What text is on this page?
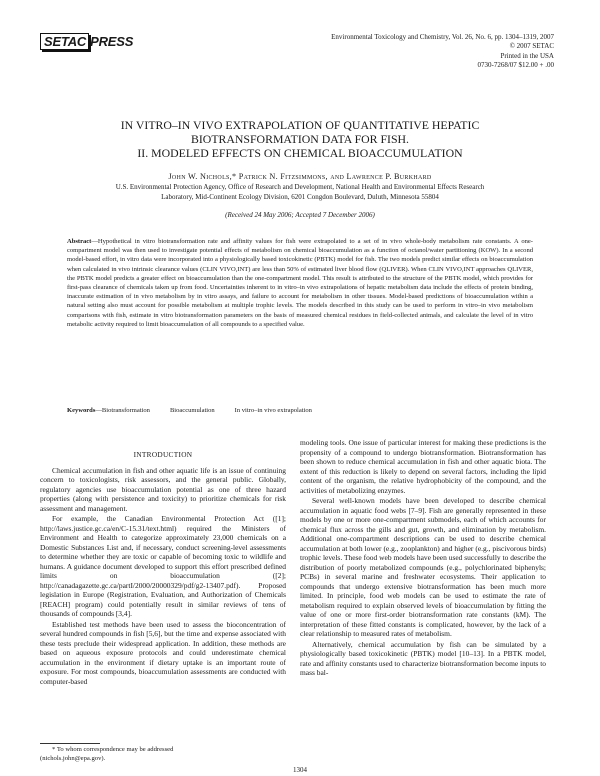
SETAC PRESS	Environmental Toxicology and Chemistry, Vol. 26, No. 6, pp. 1304–1319, 2007
© 2007 SETAC
Printed in the USA
0730-7268/07 $12.00 + .00
IN VITRO–IN VIVO EXTRAPOLATION OF QUANTITATIVE HEPATIC
BIOTRANSFORMATION DATA FOR FISH.
II. MODELED EFFECTS ON CHEMICAL BIOACCUMULATION
John W. Nichols,* Patrick N. Fitzsimmons, and Lawrence P. Burkhard
U.S. Environmental Protection Agency, Office of Research and Development, National Health and Environmental Effects Research
Laboratory, Mid-Continent Ecology Division, 6201 Congdon Boulevard, Duluth, Minnesota 55804
(Received 24 May 2006; Accepted 7 December 2006)
Abstract—Hypothetical in vitro biotransformation rate and affinity values for fish were extrapolated to a set of in vivo whole-body metabolism rate constants. A one-compartment model was then used to investigate potential effects of metabolism on chemical bioaccumulation as a function of octanol/water partitioning (KOW). In a second model-based effort, in vitro data were incorporated into a physiologically based toxicokinetic (PBTK) model for fish. The two models predict similar effects on bioaccumulation when calculated in vivo intrinsic clearance values (CLIN VIVO,INT) are less than 50% of estimated liver blood flow (QLIVER). When CLIN VIVO,INT approaches QLIVER, the PBTK model predicts a greater effect on bioaccumulation than the one-compartment model. This result is attributed to the structure of the PBTK model, which provides for first-pass clearance of chemicals taken up from food. Uncertainties inherent to in vitro–in vivo extrapolations of hepatic metabolism data include the effects of protein binding, inaccurate estimation of in vivo metabolism by in vitro assays, and failure to account for metabolism in other tissues. Model-based predictions of bioaccumulation within a natural setting also must account for possible metabolism at multiple trophic levels. The models described in this study can be used to perform in vitro–in vivo metabolism comparisons with fish, estimate in vitro biotransformation parameters on the basis of measured chemical residues in field-collected animals, and calculate the level of in vitro metabolic activity required to limit bioaccumulation of all compounds to a specified value.
Keywords—Biotransformation	Bioaccumulation	In vitro–in vivo extrapolation
INTRODUCTION

Chemical accumulation in fish and other aquatic life is an issue of continuing concern to toxicologists, risk assessors, and the general public. Globally, regulatory agencies use bioaccumulation potential as one of three hazard properties (along with persistence and toxicity) to prioritize chemicals for risk assessment and management.

For example, the Canadian Environmental Protection Act ([1]; http://laws.justice.gc.ca/en/C-15.31/text.html) required the Ministers of Environment and Health to categorize approximately 23,000 chemicals on a Domestic Substances List and, if necessary, conduct screening-level assessments to determine whether they are toxic or capable of becoming toxic to wildlife and humans. A guidance document developed to support this effort prescribed defined limits on bioaccumulation ([2]; http://canadagazette.gc.ca/partI/2000/20000329/pdf/g2-13407.pdf). Proposed legislation in Europe (Registration, Evaluation, and Authorization of Chemicals [REACH] program) could potentially result in similar reviews of tens of thousands of compounds [3,4].

Established test methods have been used to assess the bioconcentration of several hundred compounds in fish [5,6], but the time and expense associated with these tests preclude their widespread application. In addition, these methods are based on aqueous exposure protocols and could underestimate chemical accumulation in the environment if dietary uptake is an important route of exposure. For most compounds, bioaccumulation assessments are conducted with computer-based

modeling tools. One issue of particular interest for making these predictions is the propensity of a compound to undergo biotransformation. Biotransformation has been shown to reduce chemical accumulation in fish and other aquatic biota. The extent of this reduction is likely to depend on several factors, including the lipid content of the organism, the relative hydrophobicity of the compound, and the activities of metabolizing enzymes.

Several well-known models have been developed to describe chemical accumulation in aquatic food webs [7–9]. Fish are generally represented in these models by one or more one-compartment submodels, each of which accounts for chemical flux across the gills and gut, growth, and elimination by metabolism. Additional one-compartment descriptions can be used to describe chemical accumulation at both lower (e.g., zooplankton) and higher (e.g., piscivorous birds) trophic levels. These food web models have been used successfully to describe the distribution of poorly metabolized compounds (e.g., polychlorinated biphenyls; PCBs) in several marine and freshwater ecosystems. Their application to compounds that undergo extensive biotransformation has been much more limited. In principle, food web models can be used to estimate the rate of metabolism required to explain observed levels of bioaccumulation by fitting the value of one or more first-order biotransformation rate constants (kM). The interpretation of these fitted constants is complicated, however, by the lack of a clear relationship to measured rates of metabolism.

Alternatively, chemical accumulation by fish can be simulated by a physiologically based toxicokinetic (PBTK) model [10–13]. In a PBTK model, rate and affinity constants used to characterize biotransformation become inputs to mass bal-

* To whom correspondence may be addressed
(nichols.john@epa.gov).
1304
